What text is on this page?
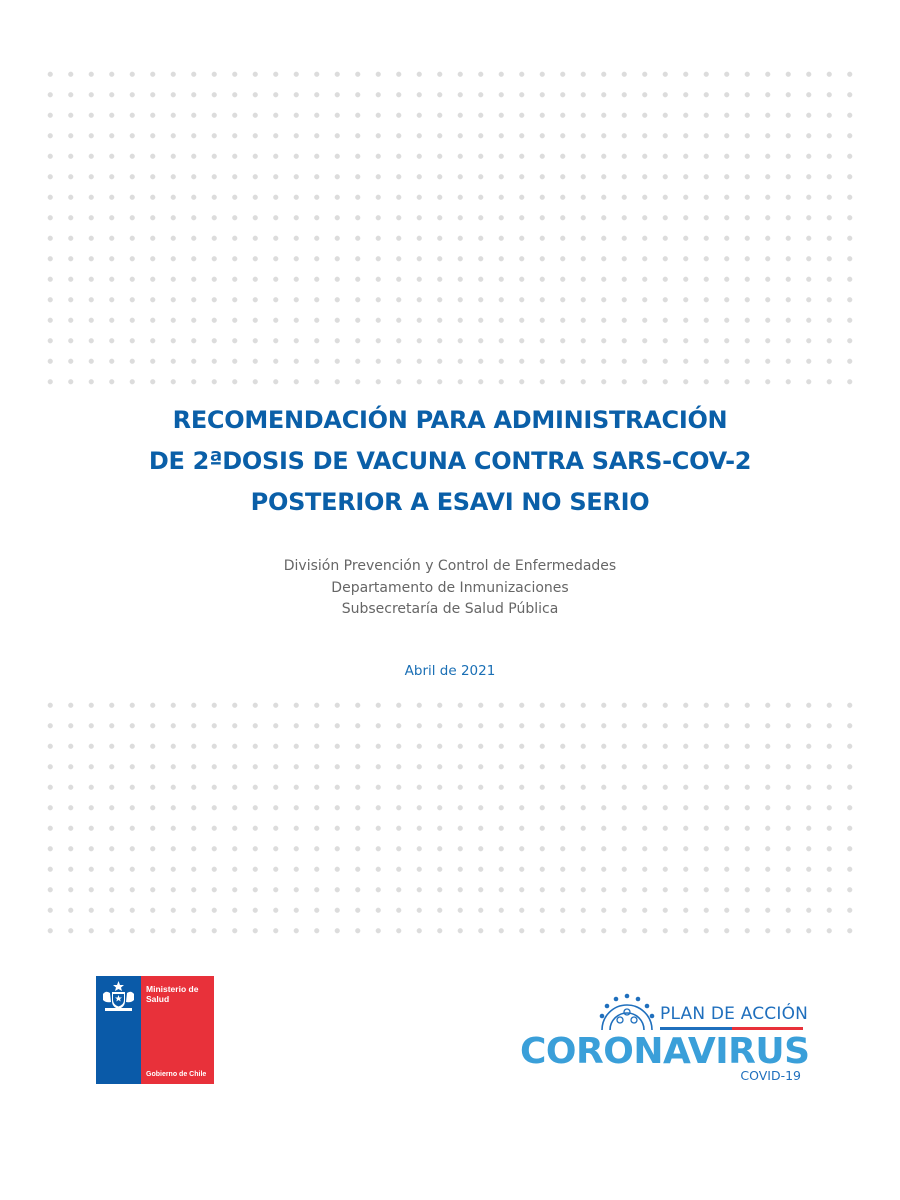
RECOMENDACIÓN PARA ADMINISTRACIÓN
DE 2ªDOSIS DE VACUNA CONTRA SARS-COV-2
POSTERIOR A ESAVI NO SERIO
División Prevención y Control de Enfermedades
Departamento de Inmunizaciones
Subsecretaría de Salud Pública
Abril de 2021
Ministerio de Salud
Gobierno de Chile
PLAN DE ACCIÓN
CORONAVIRUS
COVID-19
